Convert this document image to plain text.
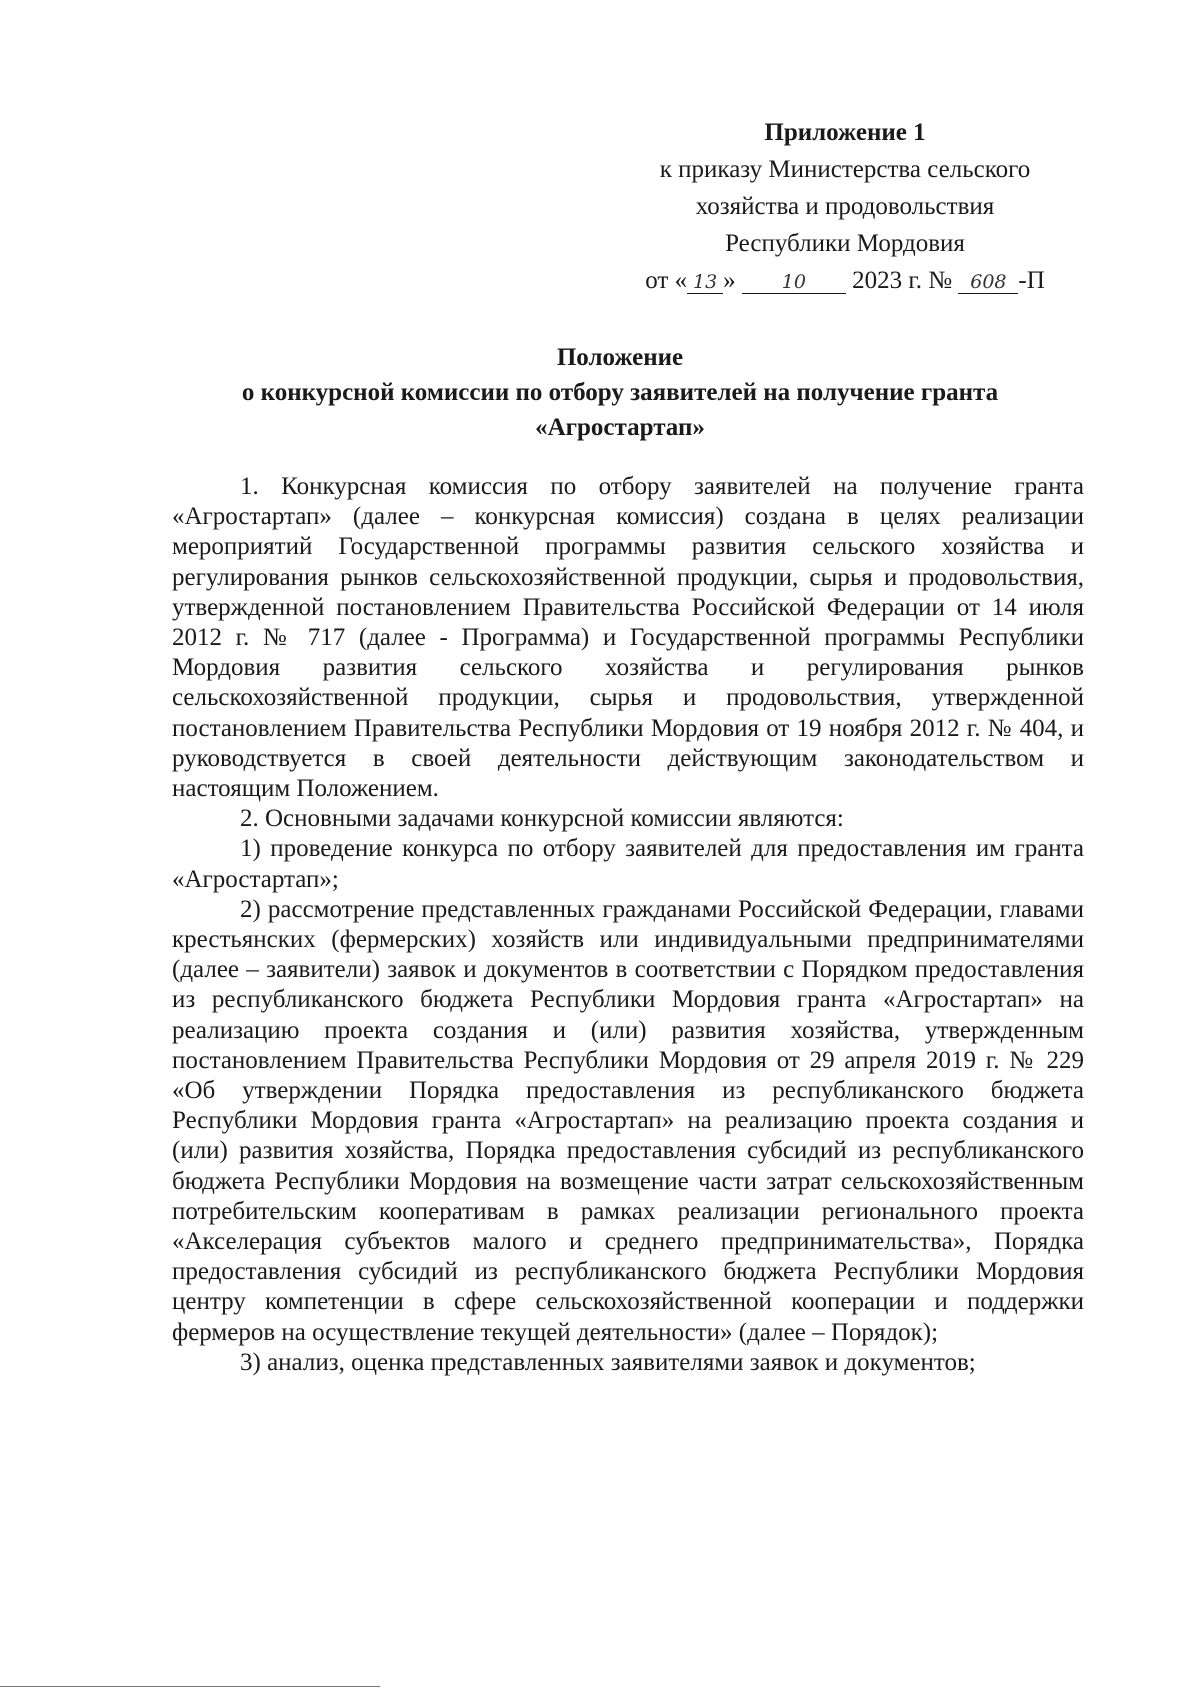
Приложение 1
к приказу Министерства сельского
хозяйства и продовольствия
Республики Мордовия
от « 13 » 10 2023 г. № 608 -П
Положение
о конкурсной комиссии по отбору заявителей на получение гранта
«Агростартап»

1. Конкурсная комиссия по отбору заявителей на получение гранта «Агростартап» (далее – конкурсная комиссия) создана в целях реализации мероприятий Государственной программы развития сельского хозяйства и регулирования рынков сельскохозяйственной продукции, сырья и продовольствия, утвержденной постановлением Правительства Российской Федерации от 14 июля 2012 г. № 717 (далее - Программа) и Государственной программы Республики Мордовия развития сельского хозяйства и регулирования рынков сельскохозяйственной продукции, сырья и продовольствия, утвержденной постановлением Правительства Республики Мордовия от 19 ноября 2012 г. № 404, и руководствуется в своей деятельности действующим законодательством и настоящим Положением.

2. Основными задачами конкурсной комиссии являются:

1) проведение конкурса по отбору заявителей для предоставления им гранта «Агростартап»;

2) рассмотрение представленных гражданами Российской Федерации, главами крестьянских (фермерских) хозяйств или индивидуальными предпринимателями (далее – заявители) заявок и документов в соответствии с Порядком предоставления из республиканского бюджета Республики Мордовия гранта «Агростартап» на реализацию проекта создания и (или) развития хозяйства, утвержденным постановлением Правительства Республики Мордовия от 29 апреля 2019 г. № 229 «Об утверждении Порядка предоставления из республиканского бюджета Республики Мордовия гранта «Агростартап» на реализацию проекта создания и (или) развития хозяйства, Порядка предоставления субсидий из республиканского бюджета Республики Мордовия на возмещение части затрат сельскохозяйственным потребительским кооперативам в рамках реализации регионального проекта «Акселерация субъектов малого и среднего предпринимательства», Порядка предоставления субсидий из республиканского бюджета Республики Мордовия центру компетенции в сфере сельскохозяйственной кооперации и поддержки фермеров на осуществление текущей деятельности» (далее – Порядок);

3) анализ, оценка представленных заявителями заявок и документов;
